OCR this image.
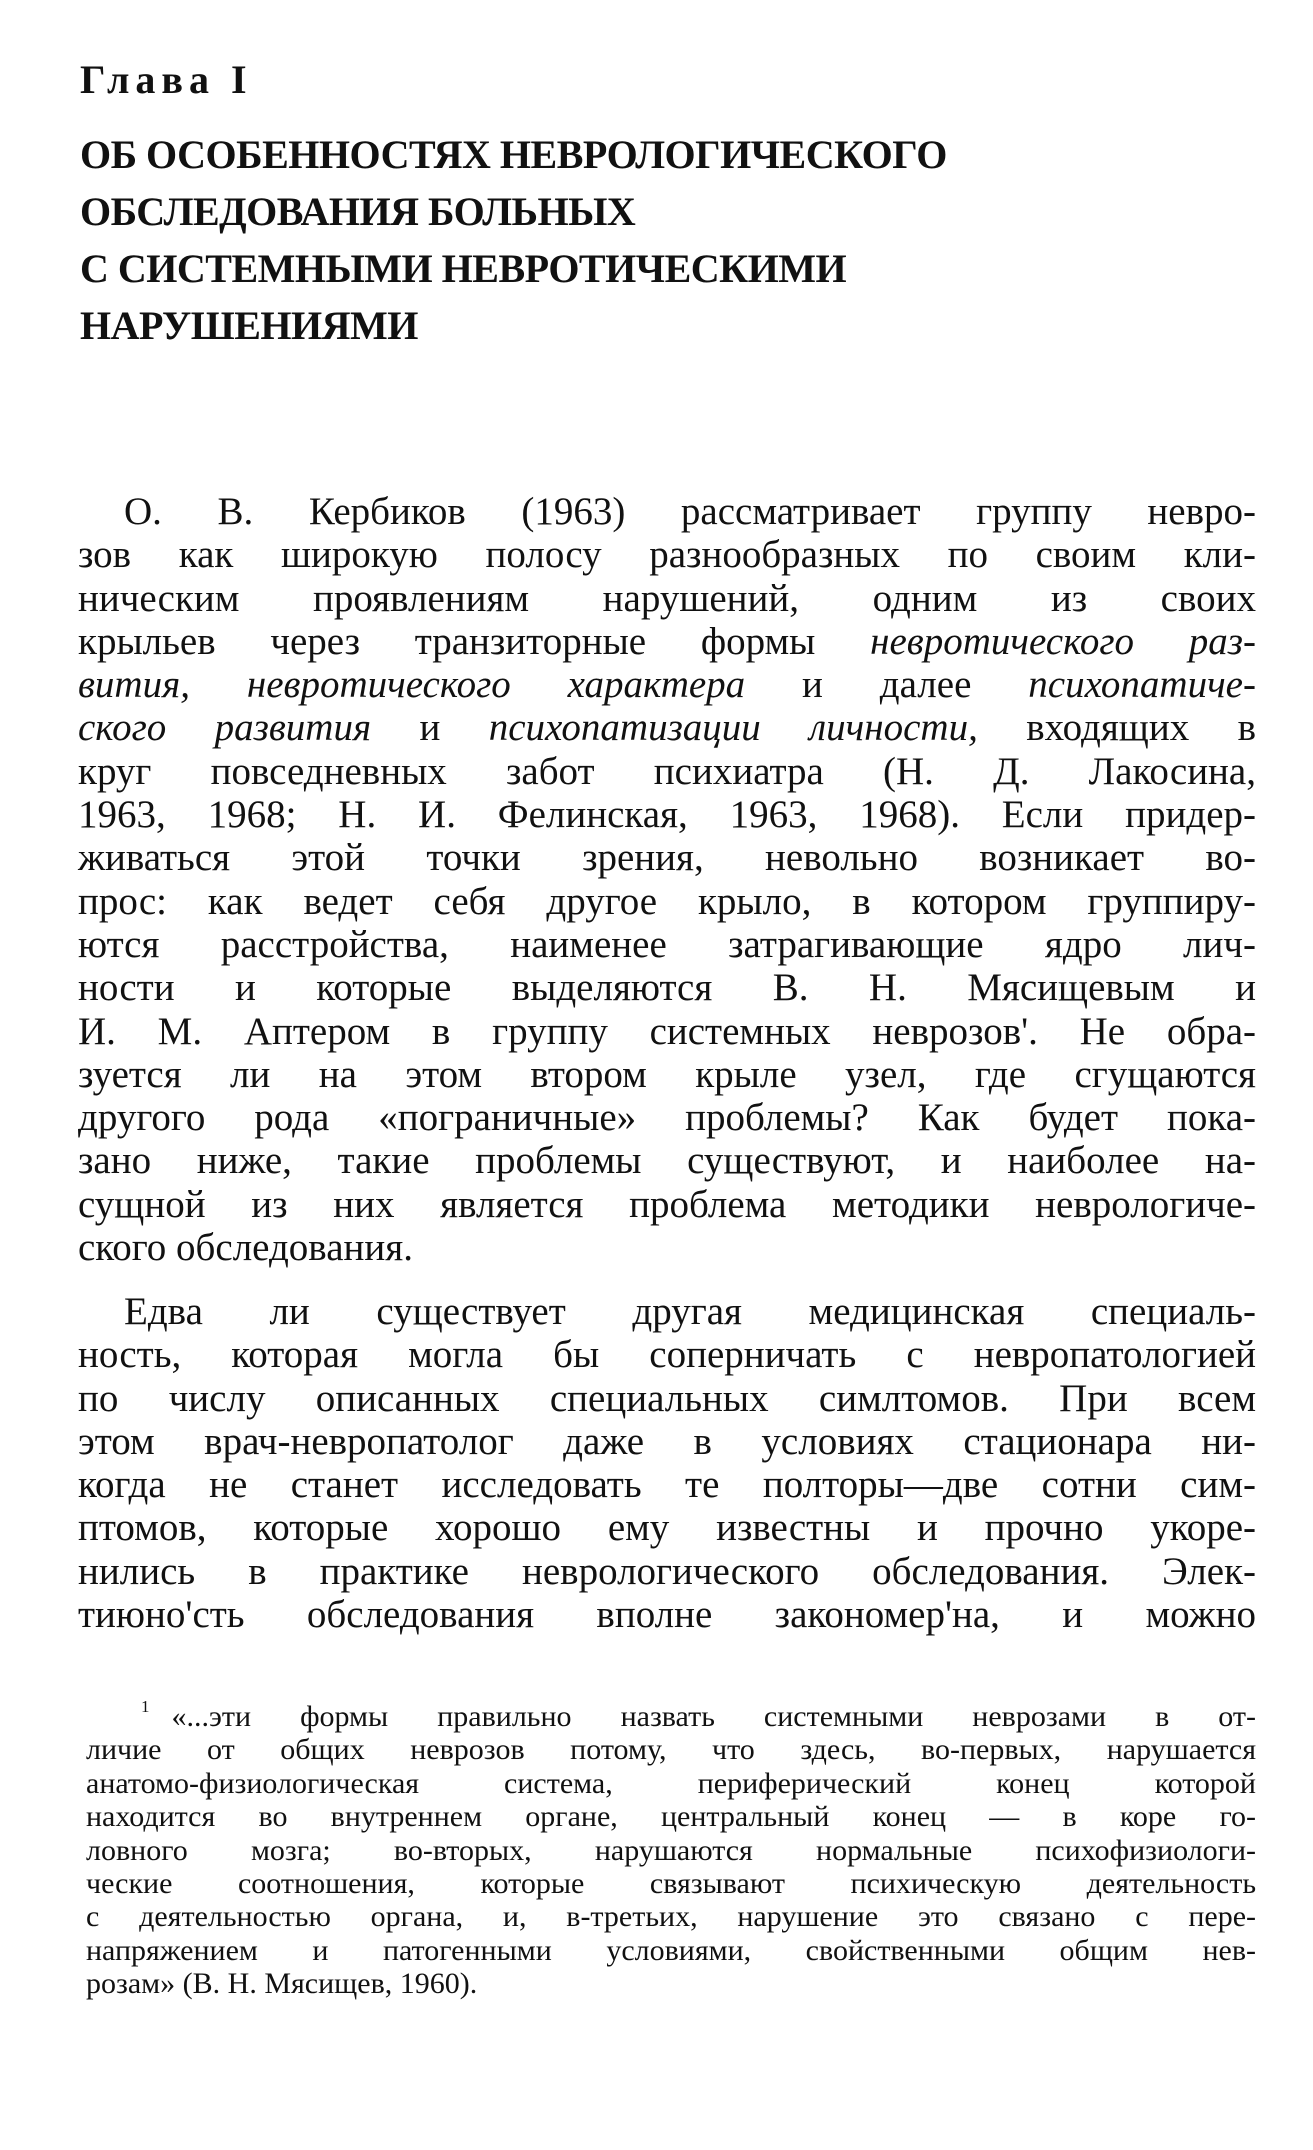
Глава I
ОБ ОСОБЕННОСТЯХ НЕВРОЛОГИЧЕСКОГО
ОБСЛЕДОВАНИЯ БОЛЬНЫХ
С СИСТЕМНЫМИ НЕВРОТИЧЕСКИМИ
НАРУШЕНИЯМИ
О. В. Кербиков (1963) рассматривает группу невро-
зов как широкую полосу разнообразных по своим кли-
ническим проявлениям нарушений, одним из своих
крыльев через транзиторные формы невротического раз-
вития, невротического характера и далее психопатиче-
ского развития и психопатизации личности, входящих в
круг повседневных забот психиатра (Н. Д. Лакосина,
1963, 1968; Н. И. Фелинская, 1963, 1968). Если придер-
живаться этой точки зрения, невольно возникает во-
прос: как ведет себя другое крыло, в котором группиру-
ются расстройства, наименее затрагивающие ядро лич-
ности и которые выделяются В. Н. Мясищевым и
И. М. Аптером в группу системных неврозов'. Не обра-
зуется ли на этом втором крыле узел, где сгущаются
другого рода «пограничные» проблемы? Как будет пока-
зано ниже, такие проблемы существуют, и наиболее на-
сущной из них является проблема методики неврологиче-
ского обследования.
Едва ли существует другая медицинская специаль-
ность, которая могла бы соперничать с невропатологией
по числу описанных специальных симлтомов. При всем
этом врач-невропатолог даже в условиях стационара ни-
когда не станет исследовать те полторы—две сотни сим-
птомов, которые хорошо ему известны и прочно укоре-
нились в практике неврологического обследования. Элек-
тиюно'сть обследования вполне закономер'на, и можно
$^1$ «...эти формы правильно назвать системными неврозами в от-
личие от общих неврозов потому, что здесь, во-первых, нарушается
анатомо-физиологическая система, периферический конец которой
находится во внутреннем органе, центральный конец — в коре го-
ловного мозга; во-вторых, нарушаются нормальные психофизиологи-
ческие соотношения, которые связывают психическую деятельность
с деятельностью органа, и, в-третьих, нарушение это связано с пере-
напряжением и патогенными условиями, свойственными общим нев-
розам» (В. Н. Мясищев, 1960).
